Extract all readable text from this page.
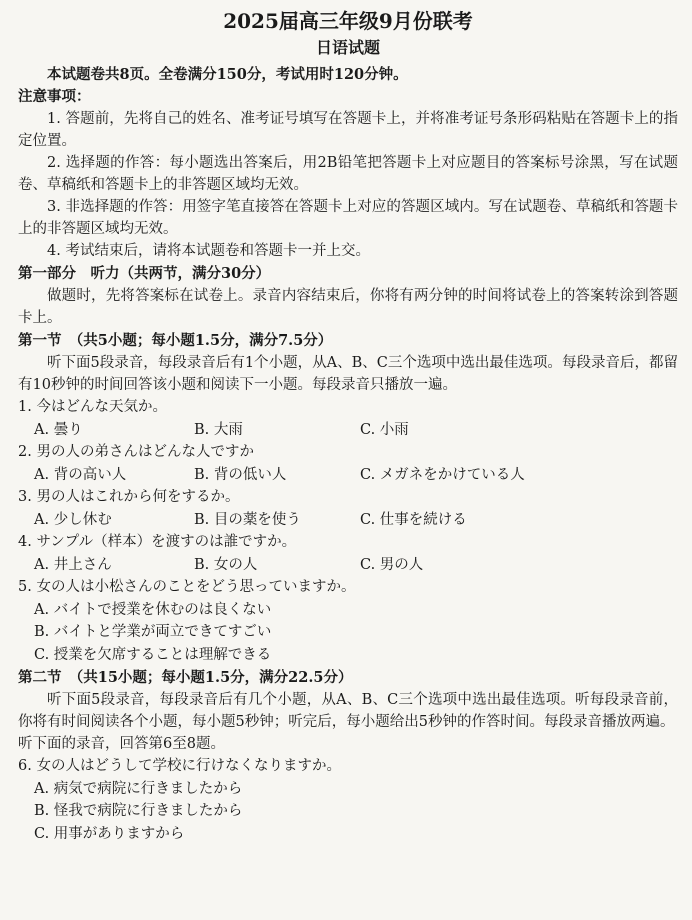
2025届高三年级9月份联考
日语试题

本试题卷共8页。全卷满分150分，考试用时120分钟。

注意事项：

1. 答题前，先将自己的姓名、准考证号填写在答题卡上，并将准考证号条形码粘贴在答题卡上的指定位置。

2. 选择题的作答：每小题选出答案后，用2B铅笔把答题卡上对应题目的答案标号涂黑，写在试题卷、草稿纸和答题卡上的非答题区域均无效。

3. 非选择题的作答：用签字笔直接答在答题卡上对应的答题区域内。写在试题卷、草稿纸和答题卡上的非答题区域均无效。

4. 考试结束后，请将本试题卷和答题卡一并上交。

第一部分　听力（共两节，满分30分）

做题时，先将答案标在试卷上。录音内容结束后，你将有两分钟的时间将试卷上的答案转涂到答题卡上。

第一节　（共5小题；每小题1.5分，满分7.5分）

听下面5段录音，每段录音后有1个小题，从A、B、C三个选项中选出最佳选项。每段录音后，都留有10秒钟的时间回答该小题和阅读下一小题。每段录音只播放一遍。

1. 今はどんな天気か。

A. 曇り	B. 大雨	C. 小雨

2. 男の人の弟さんはどんな人ですか

A. 背の高い人	B. 背の低い人	C. メガネをかけている人

3. 男の人はこれから何をするか。

A. 少し休む	B. 目の薬を使う	C. 仕事を続ける

4. サンプル（样本）を渡すのは誰ですか。

A. 井上さん	B. 女の人	C. 男の人

5. 女の人は小松さんのことをどう思っていますか。

A. バイトで授業を休むのは良くない
B. バイトと学業が両立できてすごい
C. 授業を欠席することは理解できる

第二节　（共15小题；每小题1.5分，满分22.5分）

听下面5段录音，每段录音后有几个小题，从A、B、C三个选项中选出最佳选项。听每段录音前，你将有时间阅读各个小题，每小题5秒钟；听完后，每小题给出5秒钟的作答时间。每段录音播放两遍。

听下面的录音，回答第6至8题。

6. 女の人はどうして学校に行けなくなりますか。

A. 病気で病院に行きましたから
B. 怪我で病院に行きましたから
C. 用事がありますから
